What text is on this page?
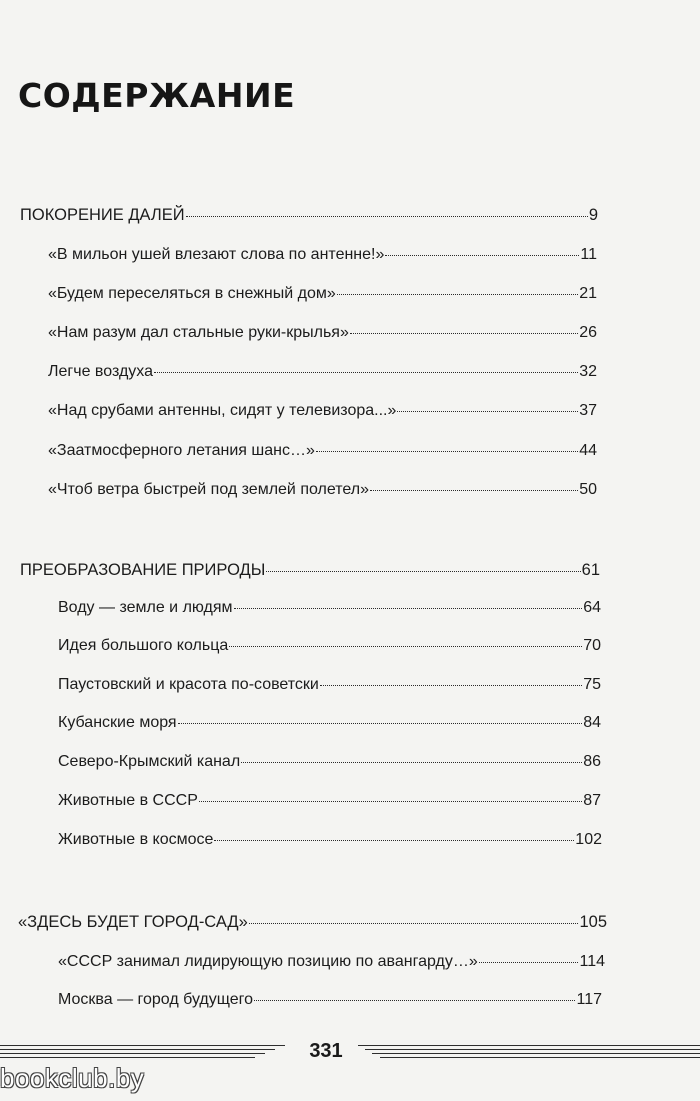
СОДЕРЖАНИЕ
ПОКОРЕНИЕ ДАЛЕЙ	9
«В мильон ушей влезают слова по антенне!»	11
«Будем переселяться в снежный дом»	21
«Нам разум дал стальные руки-крылья»	26
Легче воздуха	32
«Над срубами антенны, сидят у телевизора...»	37
«Заатмосферного летания шанс…»	44
«Чтоб ветра быстрей под землей полетел»	50
ПРЕОБРАЗОВАНИЕ ПРИРОДЫ	61
Воду — земле и людям	64
Идея большого кольца	70
Паустовский и красота по-советски	75
Кубанские моря	84
Северо-Крымский канал	86
Животные в СССР	87
Животные в космосе	102
«ЗДЕСЬ БУДЕТ ГОРОД-САД»	105
«СССР занимал лидирующую позицию по авангарду…»	114
Москва — город будущего	117
331
bookclub.by
